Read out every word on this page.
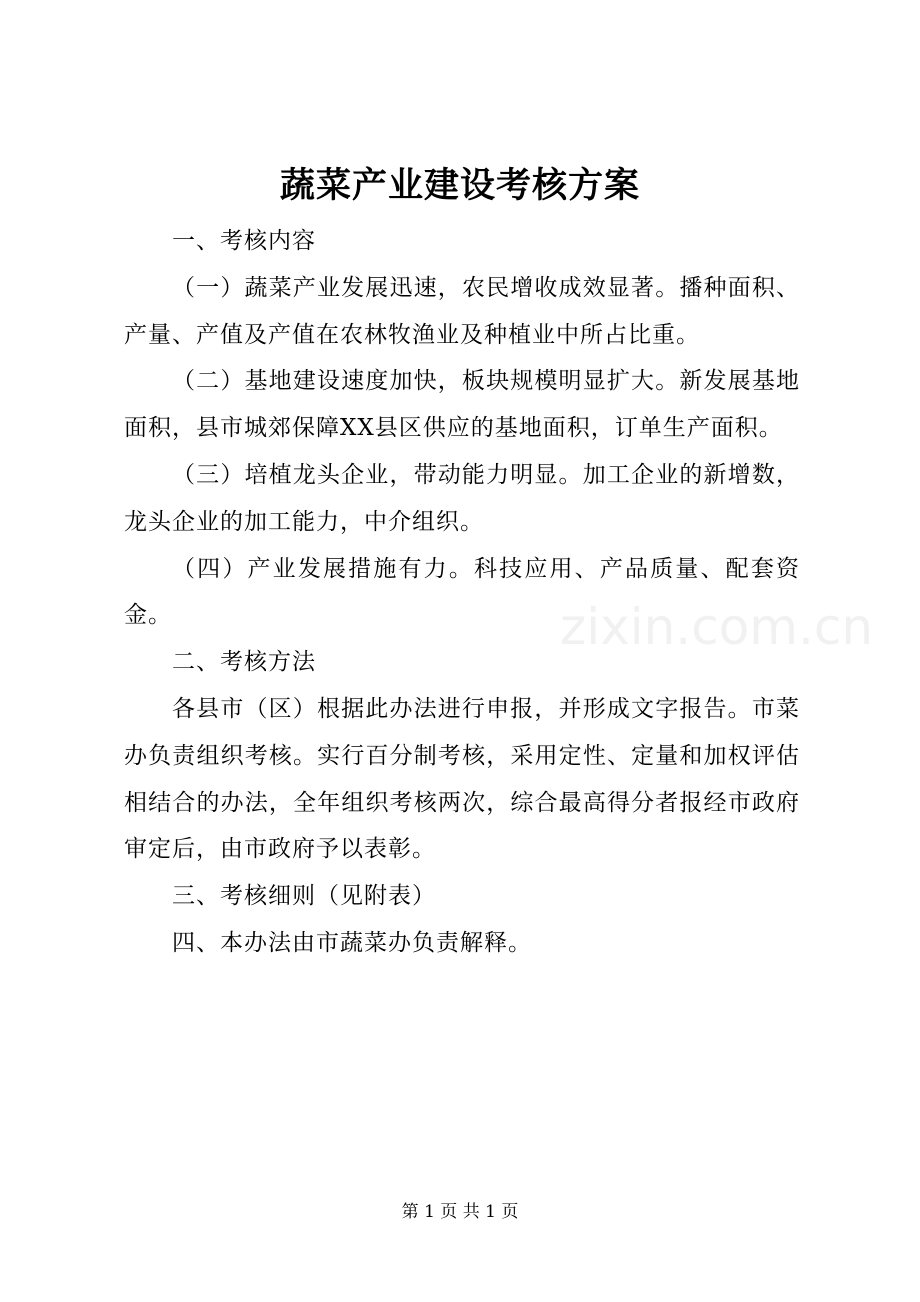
zixin.com.cn
蔬菜产业建设考核方案

一、考核内容

（一）蔬菜产业发展迅速，农民增收成效显著。播种面积、产量、产值及产值在农林牧渔业及种植业中所占比重。

（二）基地建设速度加快，板块规模明显扩大。新发展基地面积，县市城郊保障XX县区供应的基地面积，订单生产面积。

（三）培植龙头企业，带动能力明显。加工企业的新增数，龙头企业的加工能力，中介组织。

（四）产业发展措施有力。科技应用、产品质量、配套资金。

二、考核方法

各县市（区）根据此办法进行申报，并形成文字报告。市菜办负责组织考核。实行百分制考核，采用定性、定量和加权评估相结合的办法，全年组织考核两次，综合最高得分者报经市政府审定后，由市政府予以表彰。

三、考核细则（见附表）

四、本办法由市蔬菜办负责解释。

第 1 页 共 1 页
